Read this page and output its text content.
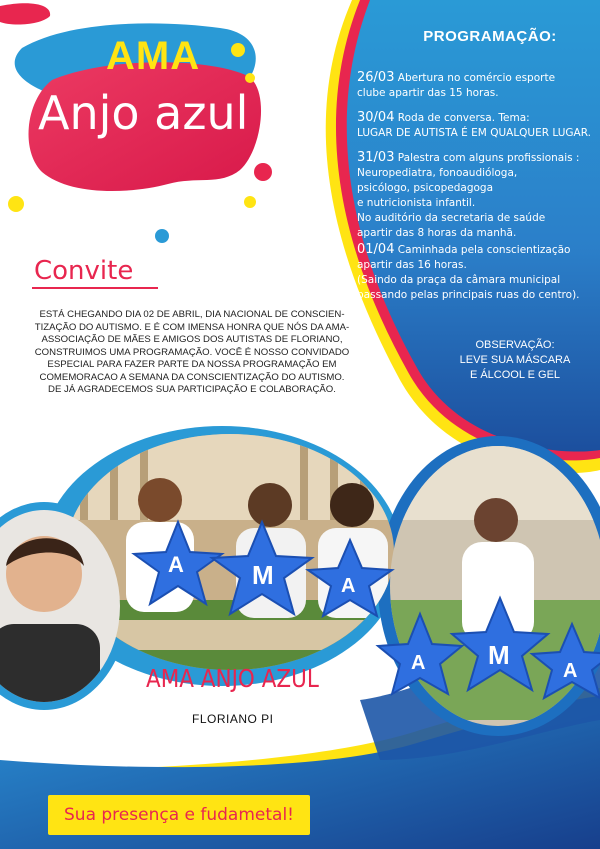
A	M	A
A M
A
AMA
Anjo azul
Convite
ESTÁ CHEGANDO DIA 02 DE ABRIL, DIA NACIONAL DE CONSCIEN-
TIZAÇÃO DO AUTISMO. E É COM IMENSA HONRA QUE NÓS DA AMA-
ASSOCIAÇÃO DE MÃES E AMIGOS DOS AUTISTAS DE FLORIANO,
CONSTRUIMOS UMA PROGRAMAÇÃO. VOCÊ É NOSSO CONVIDADO
ESPECIAL PARA FAZER PARTE DA NOSSA PROGRAMAÇÃO EM
COMEMORACAO A SEMANA DA CONSCIENTIZAÇÃO DO AUTISMO.
DE JÁ AGRADECEMOS SUA PARTICIPAÇÃO E COLABORAÇÃO.
PROGRAMAÇÃO:
26/03 Abertura no comércio esporte
clube apartir das 15 horas.
30/04 Roda de conversa. Tema:
LUGAR DE AUTISTA É EM QUALQUER LUGAR.
31/03 Palestra com alguns profissionais :
Neuropediatra, fonoaudióloga,
psicólogo, psicopedagoga
e nutricionista infantil.
No auditório da secretaria de saúde
apartir das 8 horas da manhã.
01/04 Caminhada pela conscientização
apartir das 16 horas.
(Saindo da praça da câmara municipal
passando pelas principais ruas do centro).
OBSERVAÇÃO:
LEVE SUA MÁSCARA
E ÁLCOOL E GEL
AMA ANJO AZUL
FLORIANO PI
Sua presença e fudametal!
